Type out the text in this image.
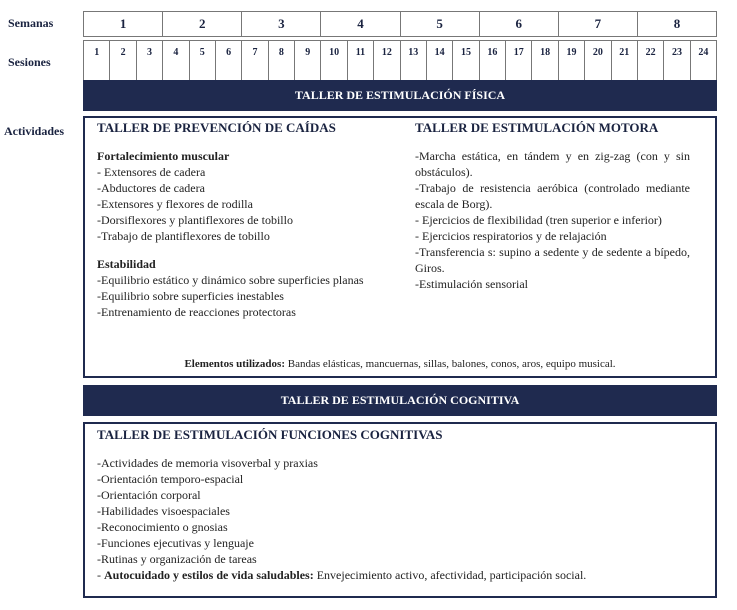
Semanas
Sesiones
Actividades
1	2	3	4	5	6	7	8
1	2	3	4	5	6	7	8	9	10	11	12	13	14	15	16	17	18	19	20	21	22	23	24
TALLER DE ESTIMULACIÓN FÍSICA
TALLER DE PREVENCIÓN DE CAÍDAS
Fortalecimiento muscular
- Extensores de cadera
-Abductores de cadera
-Extensores y flexores de rodilla
-Dorsiflexores y plantiflexores de tobillo
-Trabajo de plantiflexores de tobillo
Estabilidad
-Equilibrio estático y dinámico sobre superficies planas
-Equilibrio sobre superficies inestables
-Entrenamiento de reacciones protectoras
TALLER DE ESTIMULACIÓN MOTORA
-Marcha estática, en tándem y en zig-zag (con y sin obstáculos).
-Trabajo de resistencia aeróbica (controlado mediante escala de Borg).
- Ejercicios de flexibilidad (tren superior e inferior)
- Ejercicios respiratorios y de relajación
-Transferencia s: supino a sedente y de sedente a bípedo, Giros.
-Estimulación sensorial
Elementos utilizados: Bandas elásticas, mancuernas, sillas, balones, conos, aros, equipo musical.
TALLER DE ESTIMULACIÓN COGNITIVA
TALLER DE ESTIMULACIÓN FUNCIONES COGNITIVAS
-Actividades de memoria visoverbal y praxias
-Orientación temporo-espacial
-Orientación corporal
-Habilidades visoespaciales
-Reconocimiento o gnosias
-Funciones ejecutivas y lenguaje
-Rutinas y organización de tareas
- Autocuidado y estilos de vida saludables: Envejecimiento activo, afectividad, participación social.
